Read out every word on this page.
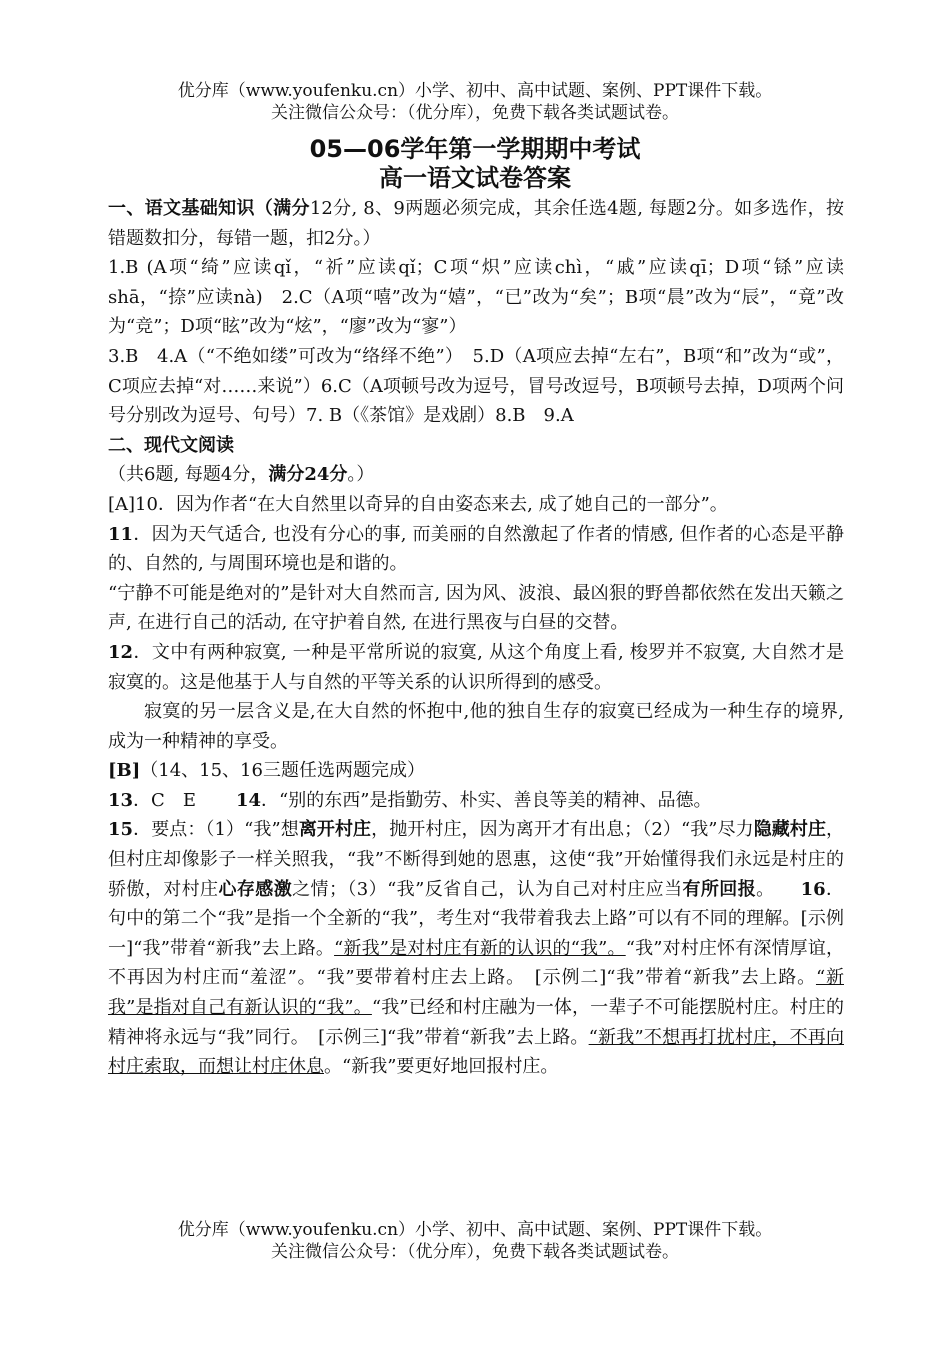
优分库（www.youfenku.cn）小学、初中、高中试题、案例、PPT课件下载。
关注微信公众号：（优分库），免费下载各类试题试卷。
05—06学年第一学期期中考试
高一语文试卷答案

一、语文基础知识（满分12分, 8、9两题必须完成，其余任选4题, 每题2分。如多选作，按错题数扣分，每错一题，扣2分。）

1.B (A项“绮”应读qǐ，“祈”应读qǐ；C项“炽”应读chì，“戚”应读qī；D项“铩”应读shā，“捺”应读nà)　2.C（A项“嘻”改为“嬉”，“已”改为“矣”；B项“晨”改为“辰”，“竟”改为“竞”；D项“眩”改为“炫”，“廖”改为“寥”）

3.B　4.A（“不绝如缕”可改为“络绎不绝”）　5.D（A项应去掉“左右”，B项“和”改为“或”，C项应去掉“对……来说”）6.C（A项顿号改为逗号，冒号改逗号，B项顿号去掉，D项两个问号分别改为逗号、句号）7. B（《茶馆》是戏剧）8.B　9.A

二、现代文阅读

（共6题, 每题4分，满分24分。）

[A]10．因为作者“在大自然里以奇异的自由姿态来去, 成了她自己的一部分”。

11．因为天气适合, 也没有分心的事, 而美丽的自然激起了作者的情感, 但作者的心态是平静的、自然的, 与周围环境也是和谐的。

“宁静不可能是绝对的”是针对大自然而言, 因为风、波浪、最凶狠的野兽都依然在发出天籁之声, 在进行自己的活动, 在守护着自然, 在进行黑夜与白昼的交替。

12．文中有两种寂寞, 一种是平常所说的寂寞, 从这个角度上看, 梭罗并不寂寞, 大自然才是寂寞的。这是他基于人与自然的平等关系的认识所得到的感受。

寂寞的另一层含义是,在大自然的怀抱中,他的独自生存的寂寞已经成为一种生存的境界,成为一种精神的享受。

[B]（14、15、16三题任选两题完成）

13．C　E 14．“别的东西”是指勤劳、朴实、善良等美的精神、品德。

15．要点：（1）“我”想离开村庄，抛开村庄，因为离开才有出息；（2）“我”尽力隐藏村庄，但村庄却像影子一样关照我，“我”不断得到她的恩惠，这使“我”开始懂得我们永远是村庄的骄傲，对村庄心存感激之情；（3）“我”反省自己，认为自己对村庄应当有所回报。 16．句中的第二个“我”是指一个全新的“我”，考生对“我带着我去上路”可以有不同的理解。[示例一]“我”带着“新我”去上路。“新我”是对村庄有新的认识的“我”。“我”对村庄怀有深情厚谊，不再因为村庄而“羞涩”。“我”要带着村庄去上路。　[示例二]“我”带着“新我”去上路。“新我”是指对自己有新认识的“我”。“我”已经和村庄融为一体，一辈子不可能摆脱村庄。村庄的精神将永远与“我”同行。　[示例三]“我”带着“新我”去上路。“新我”不想再打扰村庄，不再向村庄索取，而想让村庄休息。“新我”要更好地回报村庄。

优分库（www.youfenku.cn）小学、初中、高中试题、案例、PPT课件下载。
关注微信公众号：（优分库），免费下载各类试题试卷。
